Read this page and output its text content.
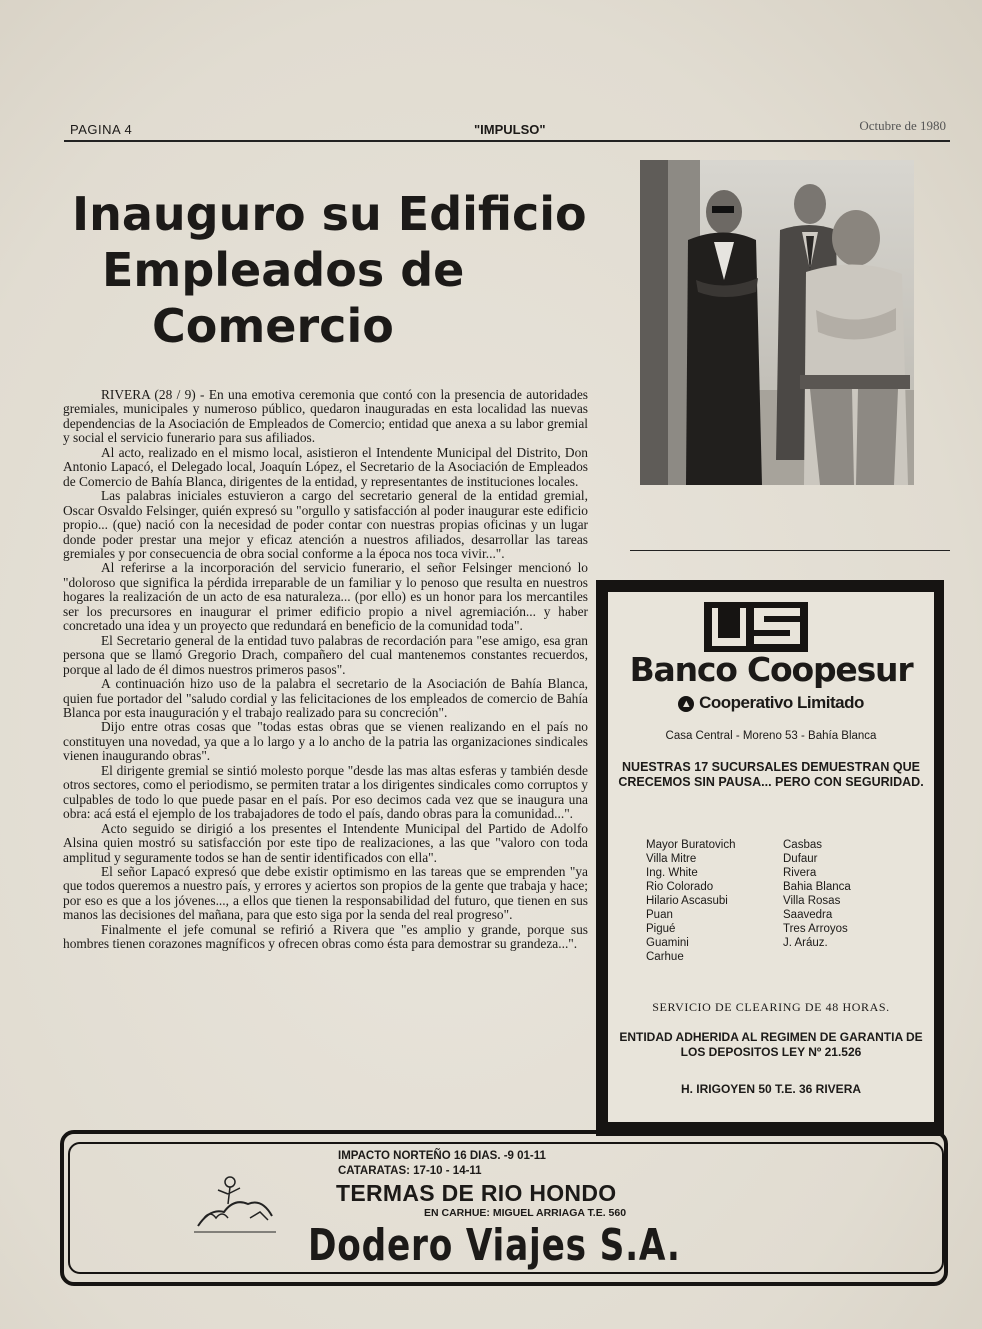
PAGINA 4	"IMPULSO"	Octubre de 1980
Inauguro su Edificio
Empleados de
Comercio

RIVERA (28 / 9) - En una emotiva ceremonia que contó con la presencia de autoridades gremiales, municipales y numeroso público, quedaron inauguradas en esta localidad las nuevas dependencias de la Asociación de Empleados de Comercio; entidad que anexa a su labor gremial y social el servicio funerario para sus afiliados.

Al acto, realizado en el mismo local, asistieron el Intendente Municipal del Distrito, Don Antonio Lapacó, el Delegado local, Joaquín López, el Secretario de la Asociación de Empleados de Comercio de Bahía Blanca, dirigentes de la entidad, y representantes de instituciones locales.

Las palabras iniciales estuvieron a cargo del secretario general de la entidad gremial, Oscar Osvaldo Felsinger, quién expresó su "orgullo y satisfacción al poder inaugurar este edificio propio... (que) nació con la necesidad de poder contar con nuestras propias oficinas y un lugar donde poder prestar una mejor y eficaz atención a nuestros afiliados, desarrollar las tareas gremiales y por consecuencia de obra social conforme a la época nos toca vivir...".

Al referirse a la incorporación del servicio funerario, el señor Felsinger mencionó lo "doloroso que significa la pérdida irreparable de un familiar y lo penoso que resulta en nuestros hogares la realización de un acto de esa naturaleza... (por ello) es un honor para los mercantiles ser los precursores en inaugurar el primer edificio propio a nivel agremiación... y haber concretado una idea y un proyecto que redundará en beneficio de la comunidad toda".

El Secretario general de la entidad tuvo palabras de recordación para "ese amigo, esa gran persona que se llamó Gregorio Drach, compañero del cual mantenemos constantes recuerdos, porque al lado de él dimos nuestros primeros pasos".

A continuación hizo uso de la palabra el secretario de la Asociación de Bahía Blanca, quien fue portador del "saludo cordial y las felicitaciones de los empleados de comercio de Bahía Blanca por esta inauguración y el trabajo realizado para su concreción".

Dijo entre otras cosas que "todas estas obras que se vienen realizando en el país no constituyen una novedad, ya que a lo largo y a lo ancho de la patria las organizaciones sindicales vienen inaugurando obras".

El dirigente gremial se sintió molesto porque "desde las mas altas esferas y también desde otros sectores, como el periodismo, se permiten tratar a los dirigentes sindicales como corruptos y culpables de todo lo que puede pasar en el país. Por eso decimos cada vez que se inaugura una obra: acá está el ejemplo de los trabajadores de todo el país, dando obras para la comunidad...".

Acto seguido se dirigió a los presentes el Intendente Municipal del Partido de Adolfo Alsina quien mostró su satisfacción por este tipo de realizaciones, a las que "valoro con toda amplitud y seguramente todos se han de sentir identificados con ella".

El señor Lapacó expresó que debe existir optimismo en las tareas que se emprenden "ya que todos queremos a nuestro país, y errores y aciertos son propios de la gente que trabaja y hace; por eso es que a los jóvenes..., a ellos que tienen la responsabilidad del futuro, que tienen en sus manos las decisiones del mañana, para que esto siga por la senda del real progreso".

Finalmente el jefe comunal se refirió a Rivera que "es amplio y grande, porque sus hombres tienen corazones magníficos y ofrecen obras como ésta para demostrar su grandeza...".

Banco Coopesur
▲ Cooperativo Limitado
Casa Central - Moreno 53 - Bahía Blanca
NUESTRAS 17 SUCURSALES DEMUESTRAN QUE CRECEMOS SIN PAUSA... PERO CON SEGURIDAD.
Mayor Buratovich
Villa Mitre
Ing. White
Rio Colorado
Hilario Ascasubi
Puan
Pigué
Guamini
Carhue
Casbas
Dufaur
Rivera
Bahia Blanca
Villa Rosas
Saavedra
Tres Arroyos
J. Aráuz.
SERVICIO DE CLEARING DE 48 HORAS.
ENTIDAD ADHERIDA AL REGIMEN DE GARANTIA DE LOS DEPOSITOS LEY Nº 21.526
H. IRIGOYEN 50 T.E. 36 RIVERA
IMPACTO NORTEÑO 16 DIAS. -9 01-11
CATARATAS: 17-10 - 14-11
TERMAS DE RIO HONDO
EN CARHUE: MIGUEL ARRIAGA T.E. 560
Dodero Viajes S.A.
